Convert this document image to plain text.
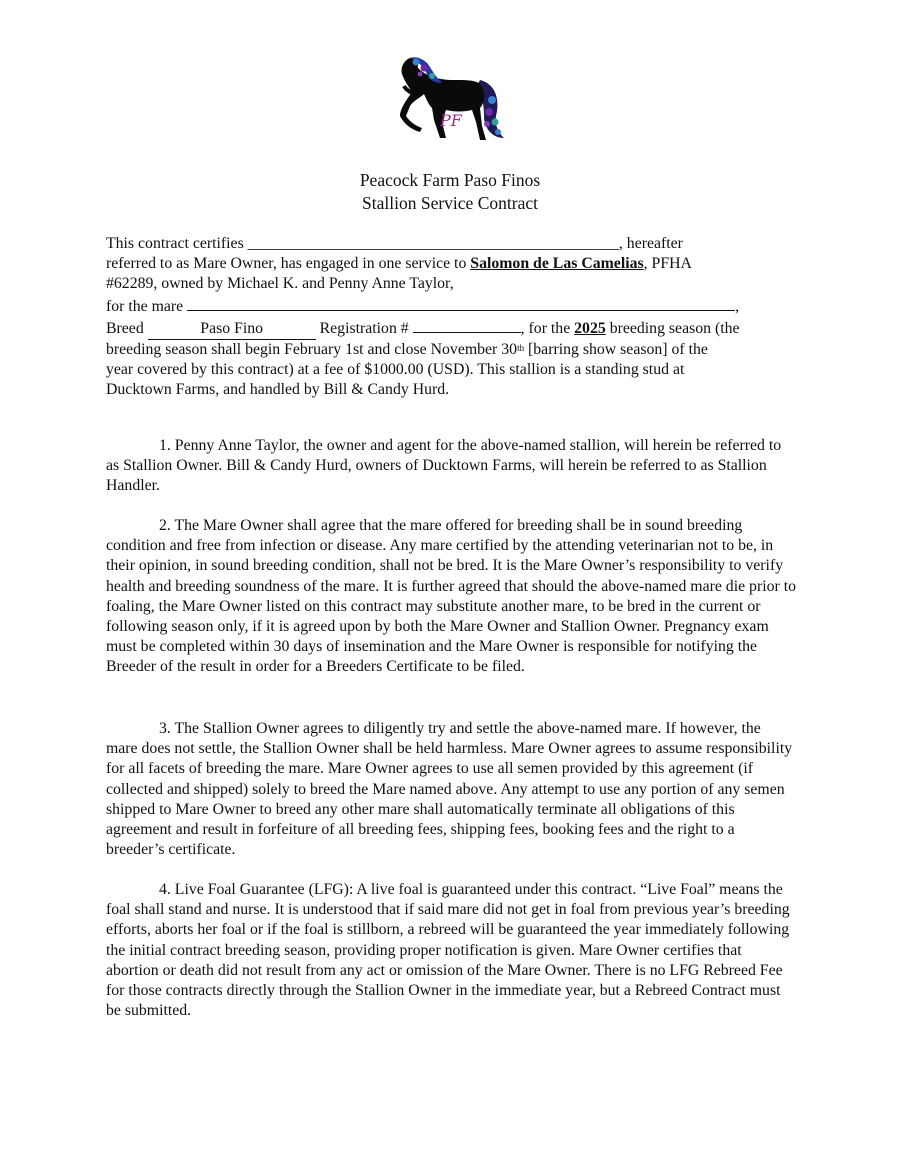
PF
Peacock Farm Paso Finos
Stallion Service Contract
This contract certifies _______________________________________________, hereafter
referred to as Mare Owner, has engaged in one service to Salomon de Las Camelias, PFHA
#62289, owned by Michael K. and Penny Anne Taylor,
for the mare	,
Breed	Paso Fino	Registration #	, for the 2025 breeding season (the
breeding season shall begin February 1st and close November 30th [barring show season] of the
year covered by this contract) at a fee of $1000.00 (USD). This stallion is a standing stud at
Ducktown Farms, and handled by Bill & Candy Hurd.

1. Penny Anne Taylor, the owner and agent for the above-named stallion, will herein be referred to as Stallion Owner. Bill & Candy Hurd, owners of Ducktown Farms, will herein be referred to as Stallion Handler.

2. The Mare Owner shall agree that the mare offered for breeding shall be in sound breeding condition and free from infection or disease. Any mare certified by the attending veterinarian not to be, in their opinion, in sound breeding condition, shall not be bred. It is the Mare Owner’s responsibility to verify health and breeding soundness of the mare. It is further agreed that should the above-named mare die prior to foaling, the Mare Owner listed on this contract may substitute another mare, to be bred in the current or following season only, if it is agreed upon by both the Mare Owner and Stallion Owner. Pregnancy exam must be completed within 30 days of insemination and the Mare Owner is responsible for notifying the Breeder of the result in order for a Breeders Certificate to be filed.

3. The Stallion Owner agrees to diligently try and settle the above-named mare. If however, the mare does not settle, the Stallion Owner shall be held harmless. Mare Owner agrees to assume responsibility for all facets of breeding the mare. Mare Owner agrees to use all semen provided by this agreement (if collected and shipped) solely to breed the Mare named above. Any attempt to use any portion of any semen shipped to Mare Owner to breed any other mare shall automatically terminate all obligations of this agreement and result in forfeiture of all breeding fees, shipping fees, booking fees and the right to a breeder’s certificate.

4. Live Foal Guarantee (LFG): A live foal is guaranteed under this contract. “Live Foal” means the foal shall stand and nurse. It is understood that if said mare did not get in foal from previous year’s breeding efforts, aborts her foal or if the foal is stillborn, a rebreed will be guaranteed the year immediately following the initial contract breeding season, providing proper notification is given. Mare Owner certifies that abortion or death did not result from any act or omission of the Mare Owner. There is no LFG Rebreed Fee for those contracts directly through the Stallion Owner in the immediate year, but a Rebreed Contract must be submitted.
